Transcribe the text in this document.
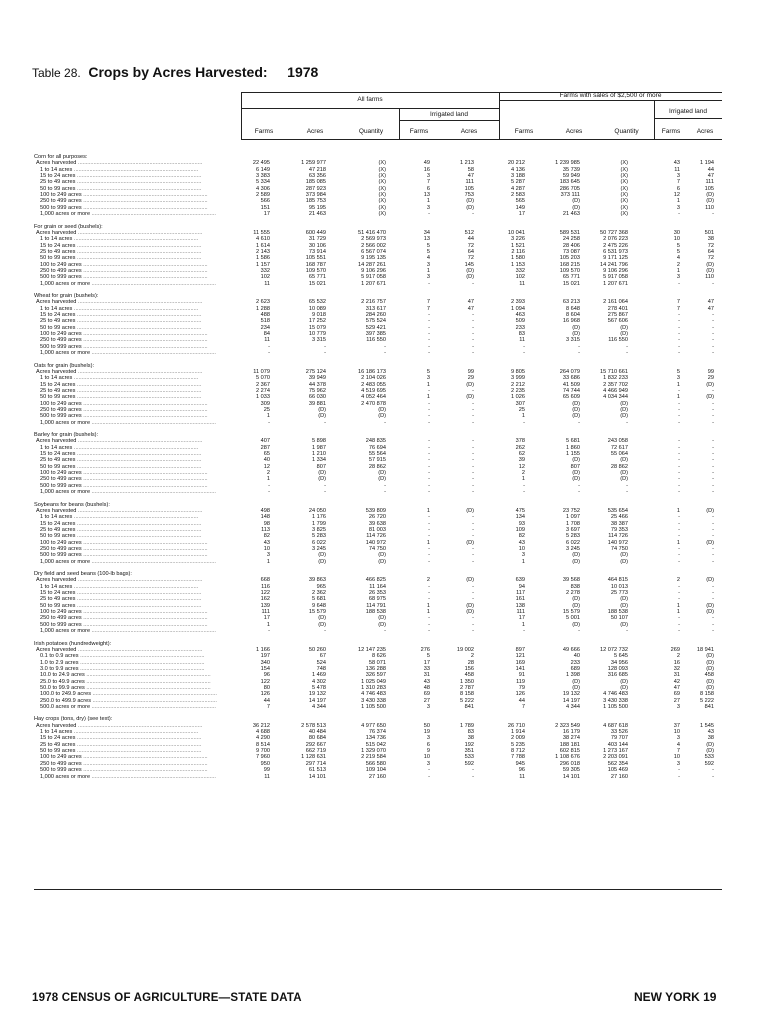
Table 28. Crops by Acres Harvested: 1978
All farms
Farms with sales of $2,500 or more
Irrigated land	Irrigated land
Farms	Acres	Quantity	Farms	Acres	Farms	Acres	Quantity	Farms	Acres
Corn for all purposes:
Acres harvested ................................................................................	22 495	1 259 977	(X)	49	1 213	20 212	1 239 985	(X)	43	1 194
1 to 14 acres ................................................................................	6 149	47 218	(X)	16	58	4 136	35 739	(X)	11	44
15 to 24 acres ................................................................................	3 383	63 356	(X)	3	47	3 188	59 949	(X)	3	47
25 to 49 acres ................................................................................	5 334	185 085	(X)	7	111	5 287	183 645	(X)	7	111
50 to 99 acres ................................................................................	4 306	287 923	(X)	6	105	4 287	286 705	(X)	6	105
100 to 249 acres ................................................................................	2 589	373 984	(X)	13	753	2 583	373 111	(X)	12	(D)
250 to 499 acres ................................................................................	566	185 753	(X)	1	(D)	565	(D)	(X)	1	(D)
500 to 999 acres ................................................................................	151	95 195	(X)	3	(D)	149	(D)	(X)	3	110
1,000 acres or more ................................................................................	17	21 463	(X)	-	-	17	21 463	(X)	-	-
For grain or seed (bushels):
Acres harvested ................................................................................	11 555	600 449	51 416 470	34	512	10 041	589 531	50 727 368	30	501
1 to 14 acres ................................................................................	4 610	31 729	2 569 973	13	44	3 226	24 258	2 076 223	10	38
15 to 24 acres ................................................................................	1 614	30 106	2 566 002	5	72	1 521	28 406	2 475 226	5	72
25 to 49 acres ................................................................................	2 143	73 914	6 567 074	5	64	2 116	73 087	6 531 973	5	64
50 to 99 acres ................................................................................	1 586	105 551	9 195 135	4	72	1 580	105 203	9 171 125	4	72
100 to 249 acres ................................................................................	1 157	168 787	14 287 261	3	145	1 153	168 215	14 241 796	2	(D)
250 to 499 acres ................................................................................	332	109 570	9 106 296	1	(D)	332	109 570	9 106 296	1	(D)
500 to 999 acres ................................................................................	102	65 771	5 917 058	3	(D)	102	65 771	5 917 058	3	110
1,000 acres or more ................................................................................	11	15 021	1 207 671	-	-	11	15 021	1 207 671	-	-
Wheat for grain (bushels):
Acres harvested ................................................................................	2 623	65 532	2 216 757	7	47	2 393	63 213	2 161 064	7	47
1 to 14 acres ................................................................................	1 288	10 089	313 617	7	47	1 094	8 648	278 401	7	47
15 to 24 acres ................................................................................	488	9 018	284 260	-	-	463	8 604	275 867	-	-
25 to 49 acres ................................................................................	518	17 252	575 524	-	-	509	16 968	567 606	-	-
50 to 99 acres ................................................................................	234	15 079	529 421	-	-	233	(D)	(D)	-	-
100 to 249 acres ................................................................................	84	10 779	397 385	-	-	83	(D)	(D)	-	-
250 to 499 acres ................................................................................	11	3 315	116 550	-	-	11	3 315	116 550	-	-
500 to 999 acres ................................................................................	-	-	-	-	-	-	-	-	-	-
1,000 acres or more ................................................................................	-	-	-	-	-	-	-	-	-	-
Oats for grain (bushels):
Acres harvested ................................................................................	11 079	275 124	16 186 173	5	99	9 805	264 079	15 710 661	5	99
1 to 14 acres ................................................................................	5 070	39 949	2 104 026	3	29	3 999	33 686	1 832 233	3	29
15 to 24 acres ................................................................................	2 367	44 378	2 483 055	1	(D)	2 212	41 509	2 357 702	1	(D)
25 to 49 acres ................................................................................	2 274	75 962	4 519 695	-	-	2 235	74 744	4 466 949	-	-
50 to 99 acres ................................................................................	1 033	66 030	4 052 464	1	(D)	1 026	65 609	4 034 344	1	(D)
100 to 249 acres ................................................................................	309	39 881	2 470 878	-	-	307	(D)	(D)	-	-
250 to 499 acres ................................................................................	25	(D)	(D)	-	-	25	(D)	(D)	-	-
500 to 999 acres ................................................................................	1	(D)	(D)	-	-	1	(D)	(D)	-	-
1,000 acres or more ................................................................................	-	-	-	-	-	-	-	-	-	-
Barley for grain (bushels):
Acres harvested ................................................................................	407	5 898	248 835	-	-	378	5 681	243 058	-	-
1 to 14 acres ................................................................................	287	1 987	76 694	-	-	262	1 860	72 617	-	-
15 to 24 acres ................................................................................	65	1 210	55 564	-	-	62	1 155	55 064	-	-
25 to 49 acres ................................................................................	40	1 334	57 915	-	-	39	(D)	(D)	-	-
50 to 99 acres ................................................................................	12	807	28 862	-	-	12	807	28 862	-	-
100 to 249 acres ................................................................................	2	(D)	(D)	-	-	2	(D)	(D)	-	-
250 to 499 acres ................................................................................	1	(D)	(D)	-	-	1	(D)	(D)	-	-
500 to 999 acres ................................................................................	-	-	-	-	-	-	-	-	-	-
1,000 acres or more ................................................................................	-	-	-	-	-	-	-	-	-	-
Soybeans for beans (bushels):
Acres harvested ................................................................................	498	24 050	539 809	1	(D)	475	23 752	535 654	1	(D)
1 to 14 acres ................................................................................	148	1 176	26 720	-	-	134	1 097	25 466	-	-
15 to 24 acres ................................................................................	98	1 799	39 638	-	-	93	1 708	38 387	-	-
25 to 49 acres ................................................................................	113	3 825	81 003	-	-	109	3 697	79 353	-	-
50 to 99 acres ................................................................................	82	5 283	114 726	-	-	82	5 283	114 726	-	-
100 to 249 acres ................................................................................	43	6 022	140 972	1	(D)	43	6 022	140 972	1	(D)
250 to 499 acres ................................................................................	10	3 245	74 750	-	-	10	3 245	74 750	-	-
500 to 999 acres ................................................................................	3	(D)	(D)	-	-	3	(D)	(D)	-	-
1,000 acres or more ................................................................................	1	(D)	(D)	-	-	1	(D)	(D)	-	-
Dry field and seed beans (100-lb bags):
Acres harvested ................................................................................	668	39 863	466 825	2	(D)	639	39 568	464 815	2	(D)
1 to 14 acres ................................................................................	116	965	11 164	-	-	94	838	10 013	-	-
15 to 24 acres ................................................................................	122	2 362	26 353	-	-	117	2 278	25 773	-	-
25 to 49 acres ................................................................................	162	5 681	68 975	-	-	161	(D)	(D)	-	-
50 to 99 acres ................................................................................	139	9 648	114 791	1	(D)	138	(D)	(D)	1	(D)
100 to 249 acres ................................................................................	111	15 579	188 538	1	(D)	111	15 579	188 538	1	(D)
250 to 499 acres ................................................................................	17	(D)	(D)	-	-	17	5 001	50 107	-	-
500 to 999 acres ................................................................................	1	(D)	(D)	-	-	1	(D)	(D)	-	-
1,000 acres or more ................................................................................	-	-	-	-	-	-	-	-	-	-
Irish potatoes (hundredweight):
Acres harvested ................................................................................	1 166	50 260	12 147 235	276	19 002	897	49 666	12 072 732	269	18 941
0.1 to 0.9 acres ................................................................................	197	67	8 626	5	2	121	40	5 645	2	(D)
1.0 to 2.9 acres ................................................................................	340	524	58 071	17	28	169	233	34 956	16	(D)
3.0 to 9.9 acres ................................................................................	154	748	136 288	33	156	141	689	128 093	32	(D)
10.0 to 24.9 acres ................................................................................	96	1 469	326 597	31	458	91	1 398	316 685	31	458
25.0 to 49.9 acres ................................................................................	122	4 302	1 025 049	43	1 350	119	(D)	(D)	42	(D)
50.0 to 99.9 acres ................................................................................	80	5 478	1 310 283	48	2 787	79	(D)	(D)	47	(D)
100.0 to 249.9 acres ................................................................................	126	19 132	4 746 483	69	8 158	126	19 132	4 746 483	69	8 158
250.0 to 499.9 acres ................................................................................	44	14 197	3 430 338	27	5 222	44	14 197	3 430 338	27	5 222
500.0 acres or more ................................................................................	7	4 344	1 105 500	3	841	7	4 344	1 105 500	3	841
Hay crops (tons, dry) (see text):
Acres harvested ................................................................................	36 212	2 578 513	4 977 650	50	1 789	26 710	2 323 549	4 687 618	37	1 545
1 to 14 acres ................................................................................	4 688	40 484	76 374	19	83	1 914	16 179	33 526	10	43
15 to 24 acres ................................................................................	4 290	80 684	134 736	3	38	2 009	38 274	79 707	3	38
25 to 49 acres ................................................................................	8 514	292 667	515 042	6	192	5 235	188 181	403 144	4	(D)
50 to 99 acres ................................................................................	9 700	662 719	1 329 070	9	351	8 712	602 815	1 273 167	7	(D)
100 to 249 acres ................................................................................	7 960	1 128 631	2 219 584	10	533	7 788	1 108 676	2 203 091	10	533
250 to 499 acres ................................................................................	950	297 714	566 580	3	592	945	296 018	562 354	3	592
500 to 999 acres ................................................................................	99	61 513	109 104	-	-	96	59 305	105 469	-	-
1,000 acres or more ................................................................................	11	14 101	27 160	-	-	11	14 101	27 160	-	-
1978 CENSUS OF AGRICULTURE—STATE DATA	NEW YORK 19
